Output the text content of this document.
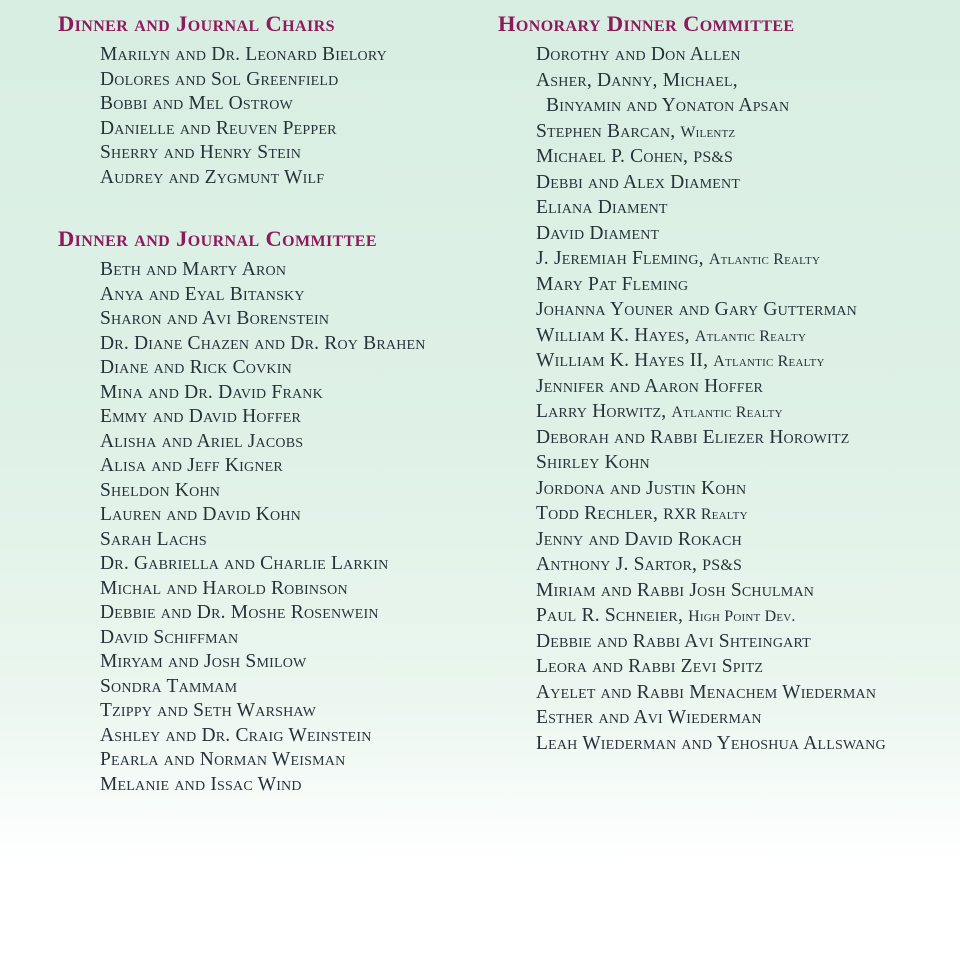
Dinner and Journal Chairs
Marilyn and Dr. Leonard Bielory
Dolores and Sol Greenfield
Bobbi and Mel Ostrow
Danielle and Reuven Pepper
Sherry and Henry Stein
Audrey and Zygmunt Wilf
Dinner and Journal Committee
Beth and Marty Aron
Anya and Eyal Bitansky
Sharon and Avi Borenstein
Dr. Diane Chazen and Dr. Roy Brahen
Diane and Rick Covkin
Mina and Dr. David Frank
Emmy and David Hoffer
Alisha and Ariel Jacobs
Alisa and Jeff Kigner
Sheldon Kohn
Lauren and David Kohn
Sarah Lachs
Dr. Gabriella and Charlie Larkin
Michal and Harold Robinson
Debbie and Dr. Moshe Rosenwein
David Schiffman
Miryam and Josh Smilow
Sondra Tammam
Tzippy and Seth Warshaw
Ashley and Dr. Craig Weinstein
Pearla and Norman Weisman
Melanie and Issac Wind
Honorary Dinner Committee
Dorothy and Don Allen
Asher, Danny, Michael,
Binyamin and Yonaton Apsan
Stephen Barcan, Wilentz
Michael P. Cohen, PS&S
Debbi and Alex Diament
Eliana Diament
David Diament
J. Jeremiah Fleming, Atlantic Realty
Mary Pat Fleming
Johanna Youner and Gary Gutterman
William K. Hayes, Atlantic Realty
William K. Hayes II, Atlantic Realty
Jennifer and Aaron Hoffer
Larry Horwitz, Atlantic Realty
Deborah and Rabbi Eliezer Horowitz
Shirley Kohn
Jordona and Justin Kohn
Todd Rechler, RXR Realty
Jenny and David Rokach
Anthony J. Sartor, PS&S
Miriam and Rabbi Josh Schulman
Paul R. Schneier, High Point Dev.
Debbie and Rabbi Avi Shteingart
Leora and Rabbi Zevi Spitz
Ayelet and Rabbi Menachem Wiederman
Esther and Avi Wiederman
Leah Wiederman and Yehoshua Allswang
